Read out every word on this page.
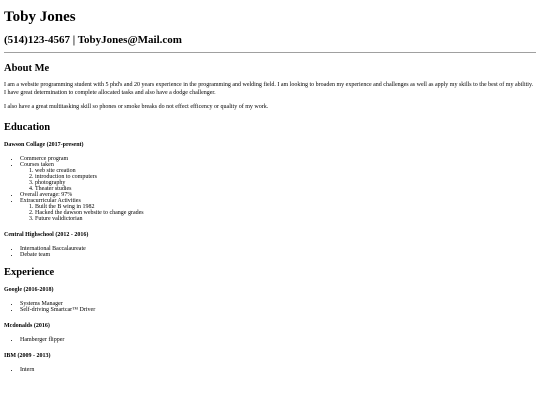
Toby Jones
(514)123-4567 | TobyJones@Mail.com
About Me

I am a website programming student with 5 phd's and 20 years experience in the programming and welding field. I am looking to broaden my experience and challenges as well as apply my skills to the best of my abilitiy. I have great determination to complete allocated tasks and also have a dodge challenger.

I also have a great multitasking skill so phones or smoke breaks do not effect efficency or quality of my work.

Education
Dawson Collage (2017-present)
• Commerce program
• Courses taken
1. web site creation
2. introduction to computers
3. photography
4. Theater studies
• Overall average: 97%
• Extracurricular Activities
1. Built the B wing in 1982
2. Hacked the dawson website to change grades
3. Future validictorian
Central Highschool (2012 - 2016)
• International Baccalaureate
• Debate team
Experience
Google (2016-2018)
• Systems Manager
• Self-driving Smartcar™ Driver
Mcdonalds (2016)
• Hamberger flipper
IBM (2009 - 2013)
• Intern
